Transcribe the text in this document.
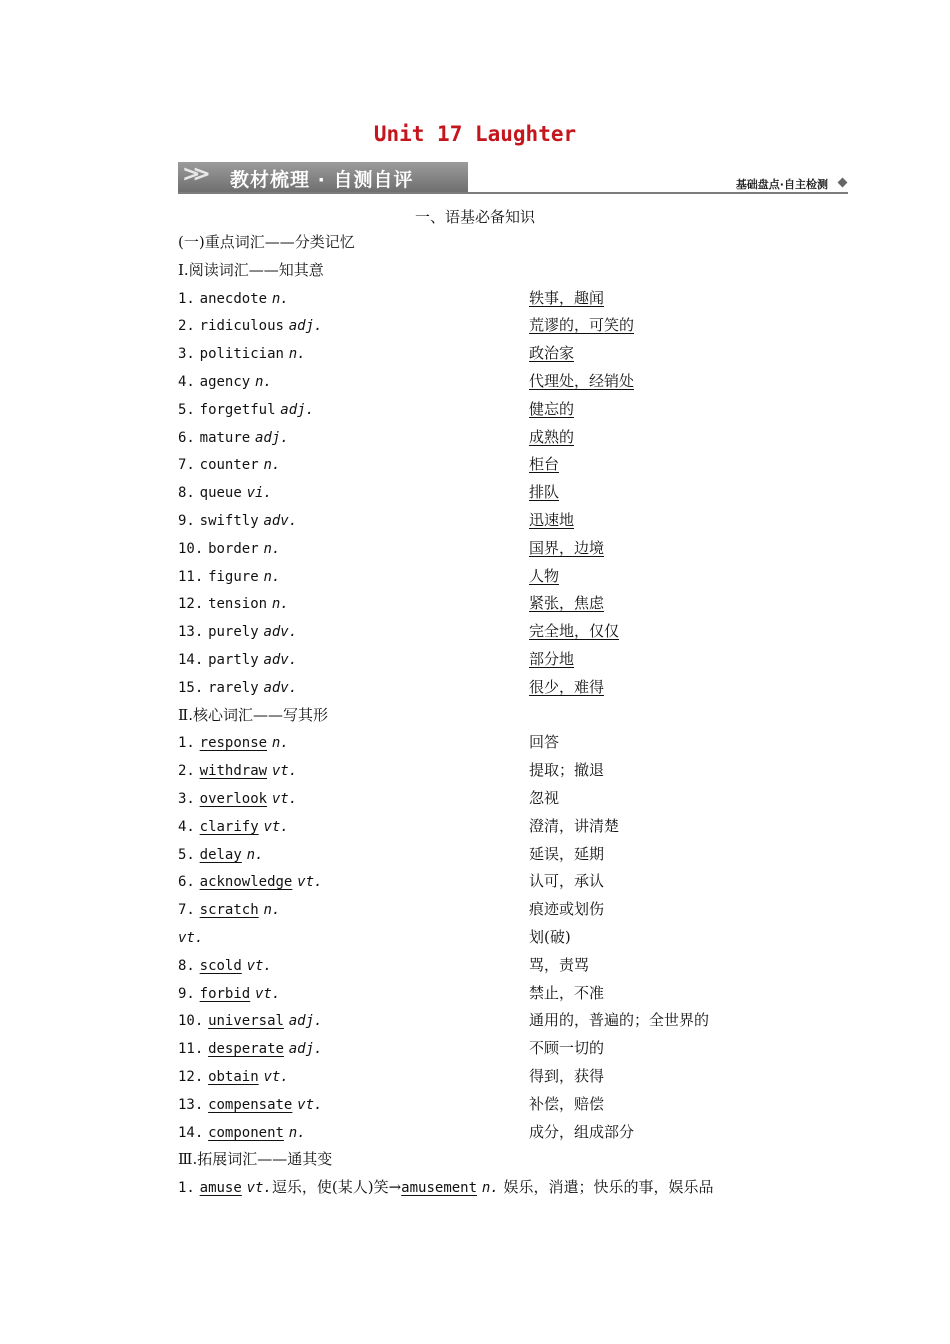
Unit 17 Laughter
>> 教材梳理 · 自测自评	基础盘点·自主检测
一、语基必备知识
(一)重点词汇——分类记忆
Ⅰ.阅读词汇——知其意
1. anecdote n.	轶事，趣闻
2. ridiculous adj.	荒谬的，可笑的
3. politician n.	政治家
4. agency n.	代理处，经销处
5. forgetful adj.	健忘的
6. mature adj.	成熟的
7. counter n.	柜台
8. queue vi.	排队
9. swiftly adv.	迅速地
10. border n.	国界，边境
11. figure n.	人物
12. tension n.	紧张，焦虑
13. purely adv.	完全地，仅仅
14. partly adv.	部分地
15. rarely adv.	很少，难得
Ⅱ.核心词汇——写其形
1. response n.	回答
2. withdraw vt.	提取；撤退
3. overlook vt.	忽视
4. clarify vt.	澄清，讲清楚
5. delay n.	延误，延期
6. acknowledge vt.	认可，承认
7. scratch n.	痕迹或划伤
vt.	划(破)
8. scold vt.	骂，责骂
9. forbid vt.	禁止，不准
10. universal adj.	通用的，普遍的；全世界的
11. desperate adj.	不顾一切的
12. obtain vt.	得到，获得
13. compensate vt.	补偿，赔偿
14. component n.	成分，组成部分
Ⅲ.拓展词汇——通其变
1. amuse vt.逗乐，使(某人)笑→amusement n. 娱乐，消遣；快乐的事，娱乐品
